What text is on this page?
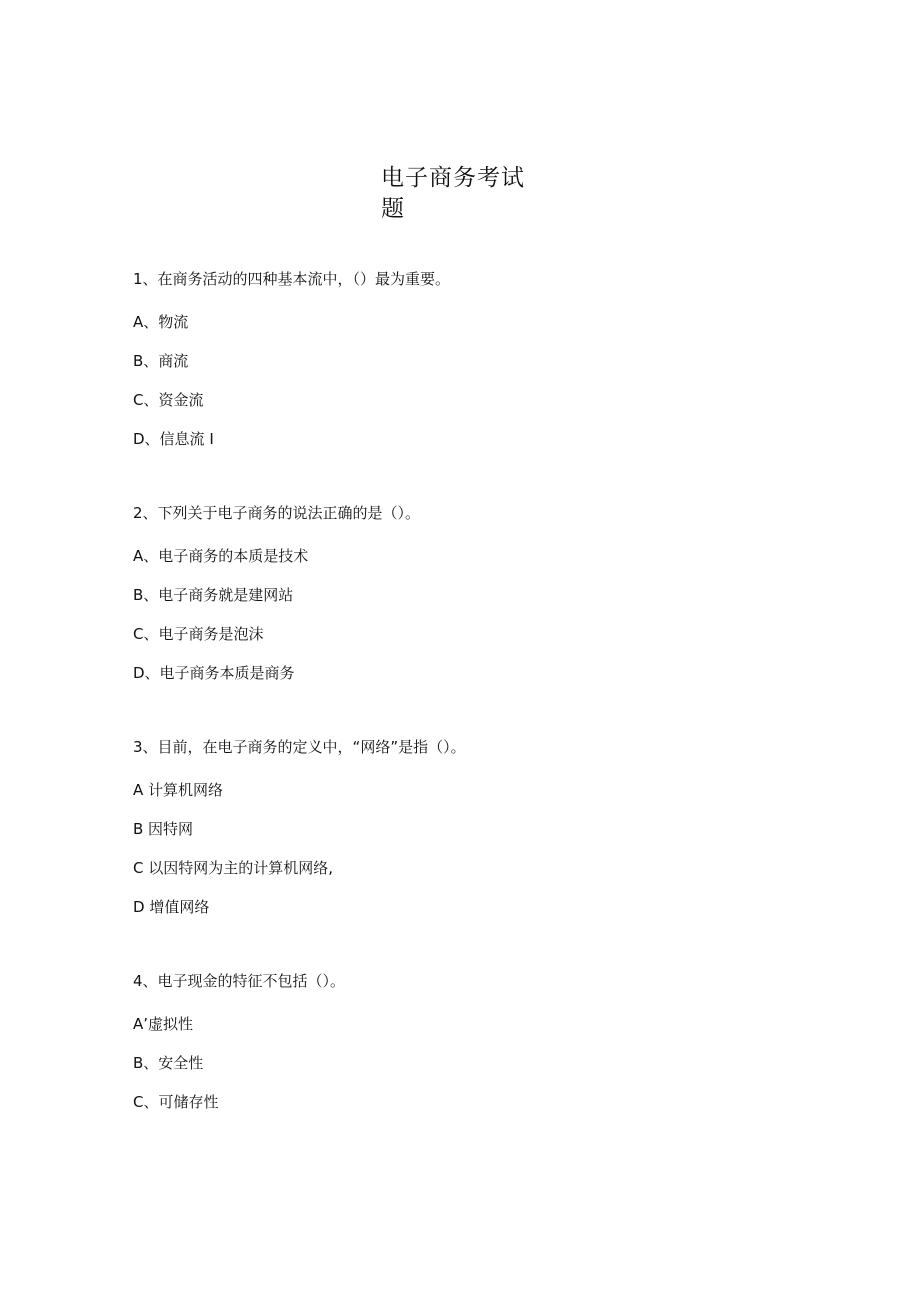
电子商务考试题
1、在商务活动的四种基本流中，（）最为重要。
A、物流
B、商流
C、资金流
D、信息流 I
2、下列关于电子商务的说法正确的是（）。
A、电子商务的本质是技术
B、电子商务就是建网站
C、电子商务是泡沫
D、电子商务本质是商务
3、目前，在电子商务的定义中，“网络”是指（）。
A 计算机网络
B 因特网
C 以因特网为主的计算机网络,
D 增值网络
4、电子现金的特征不包括（）。
A’虚拟性
B、安全性
C、可储存性
